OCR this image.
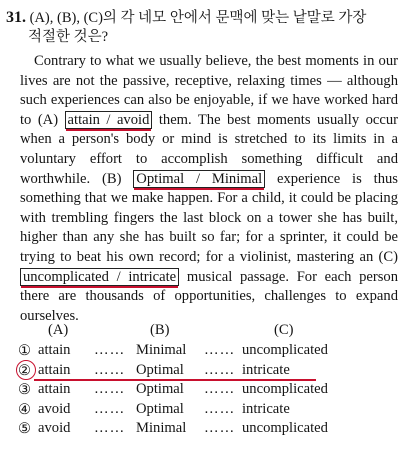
31. (A), (B), (C)의 각 네모 안에서 문맥에 맞는 낱말로 가장
적절한 것은?
Contrary to what we usually believe, the best moments in our lives are not the passive, receptive, relaxing times — although such experiences can also be enjoyable, if we have worked hard to (A) attain / avoid them. The best moments usually occur when a person's body or mind is stretched to its limits in a voluntary effort to accomplish something difficult and worthwhile. (B) Optimal / Minimal experience is thus something that we make happen. For a child, it could be placing with trembling fingers the last block on a tower she has built, higher than any she has built so far; for a sprinter, it could be trying to beat his own record; for a violinist, mastering an (C) uncomplicated / intricate musical passage. For each person there are thousands of opportunities, challenges to expand ourselves.
(A)	(B)	(C)
① attain …… Minimal …… uncomplicated
② attain …… Optimal …… intricate
③ attain …… Optimal …… uncomplicated
④ avoid …… Optimal …… intricate
⑤ avoid …… Minimal …… uncomplicated
